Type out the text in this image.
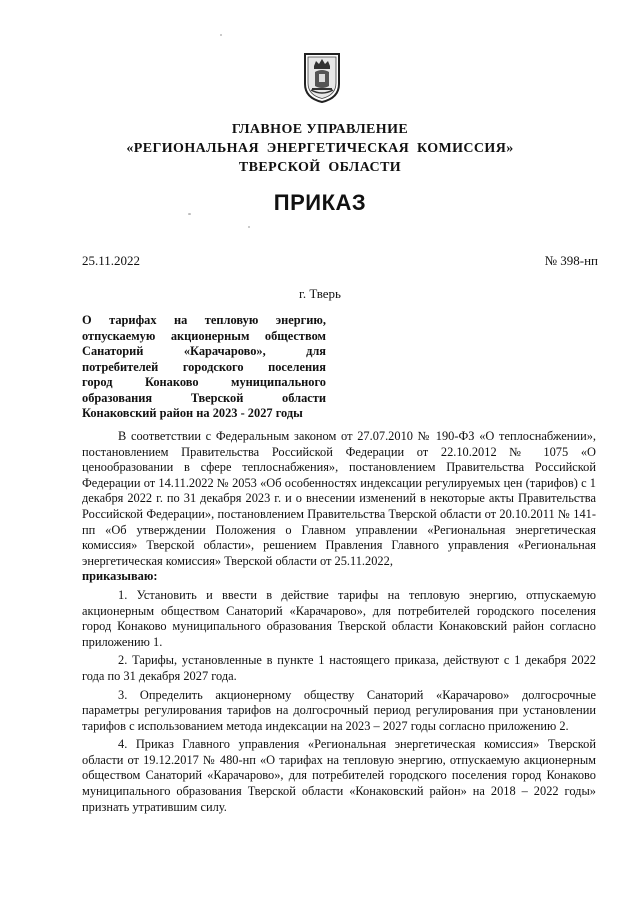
ГЛАВНОЕ УПРАВЛЕНИЕ
«РЕГИОНАЛЬНАЯ  ЭНЕРГЕТИЧЕСКАЯ  КОМИССИЯ»
ТВЕРСКОЙ  ОБЛАСТИ
ПРИКАЗ
25.11.2022	№ 398-нп
г. Тверь
О тарифах на тепловую энергию,
отпускаемую акционерным обществом
Санаторий «Карачарово», для
потребителей городского поселения
город Конаково муниципального
образования Тверской области
Конаковский район на 2023 - 2027 годы

В соответствии с Федеральным законом от 27.07.2010 № 190-ФЗ «О теплоснабжении», постановлением Правительства Российской Федерации от 22.10.2012 № 1075 «О ценообразовании в сфере теплоснабжения», постановлением Правительства Российской Федерации от 14.11.2022 № 2053 «Об особенностях индексации регулируемых цен (тарифов) с 1 декабря 2022 г. по 31 декабря 2023 г. и о внесении изменений в некоторые акты Правительства Российской Федерации», постановлением Правительства Тверской области от 20.10.2011 № 141-пп «Об утверждении Положения о Главном управлении «Региональная энергетическая комиссия» Тверской области», решением Правления Главного управления «Региональная энергетическая комиссия» Тверской области от 25.11.2022,

приказываю:

1. Установить и ввести в действие тарифы на тепловую энергию, отпускаемую акционерным обществом Санаторий «Карачарово», для потребителей городского поселения город Конаково муниципального образования Тверской области Конаковский район согласно приложению 1.

2. Тарифы, установленные в пункте 1 настоящего приказа, действуют с 1 декабря 2022 года по 31 декабря 2027 года.

3. Определить акционерному обществу Санаторий «Карачарово» долгосрочные параметры регулирования тарифов на долгосрочный период регулирования при установлении тарифов с использованием метода индексации на 2023 – 2027 годы согласно приложению 2.

4. Приказ Главного управления «Региональная энергетическая комиссия» Тверской области от 19.12.2017 № 480-нп «О тарифах на тепловую энергию, отпускаемую акционерным обществом Санаторий «Карачарово», для потребителей городского поселения город Конаково муниципального образования Тверской области «Конаковский район» на 2018 – 2022 годы» признать утратившим силу.
